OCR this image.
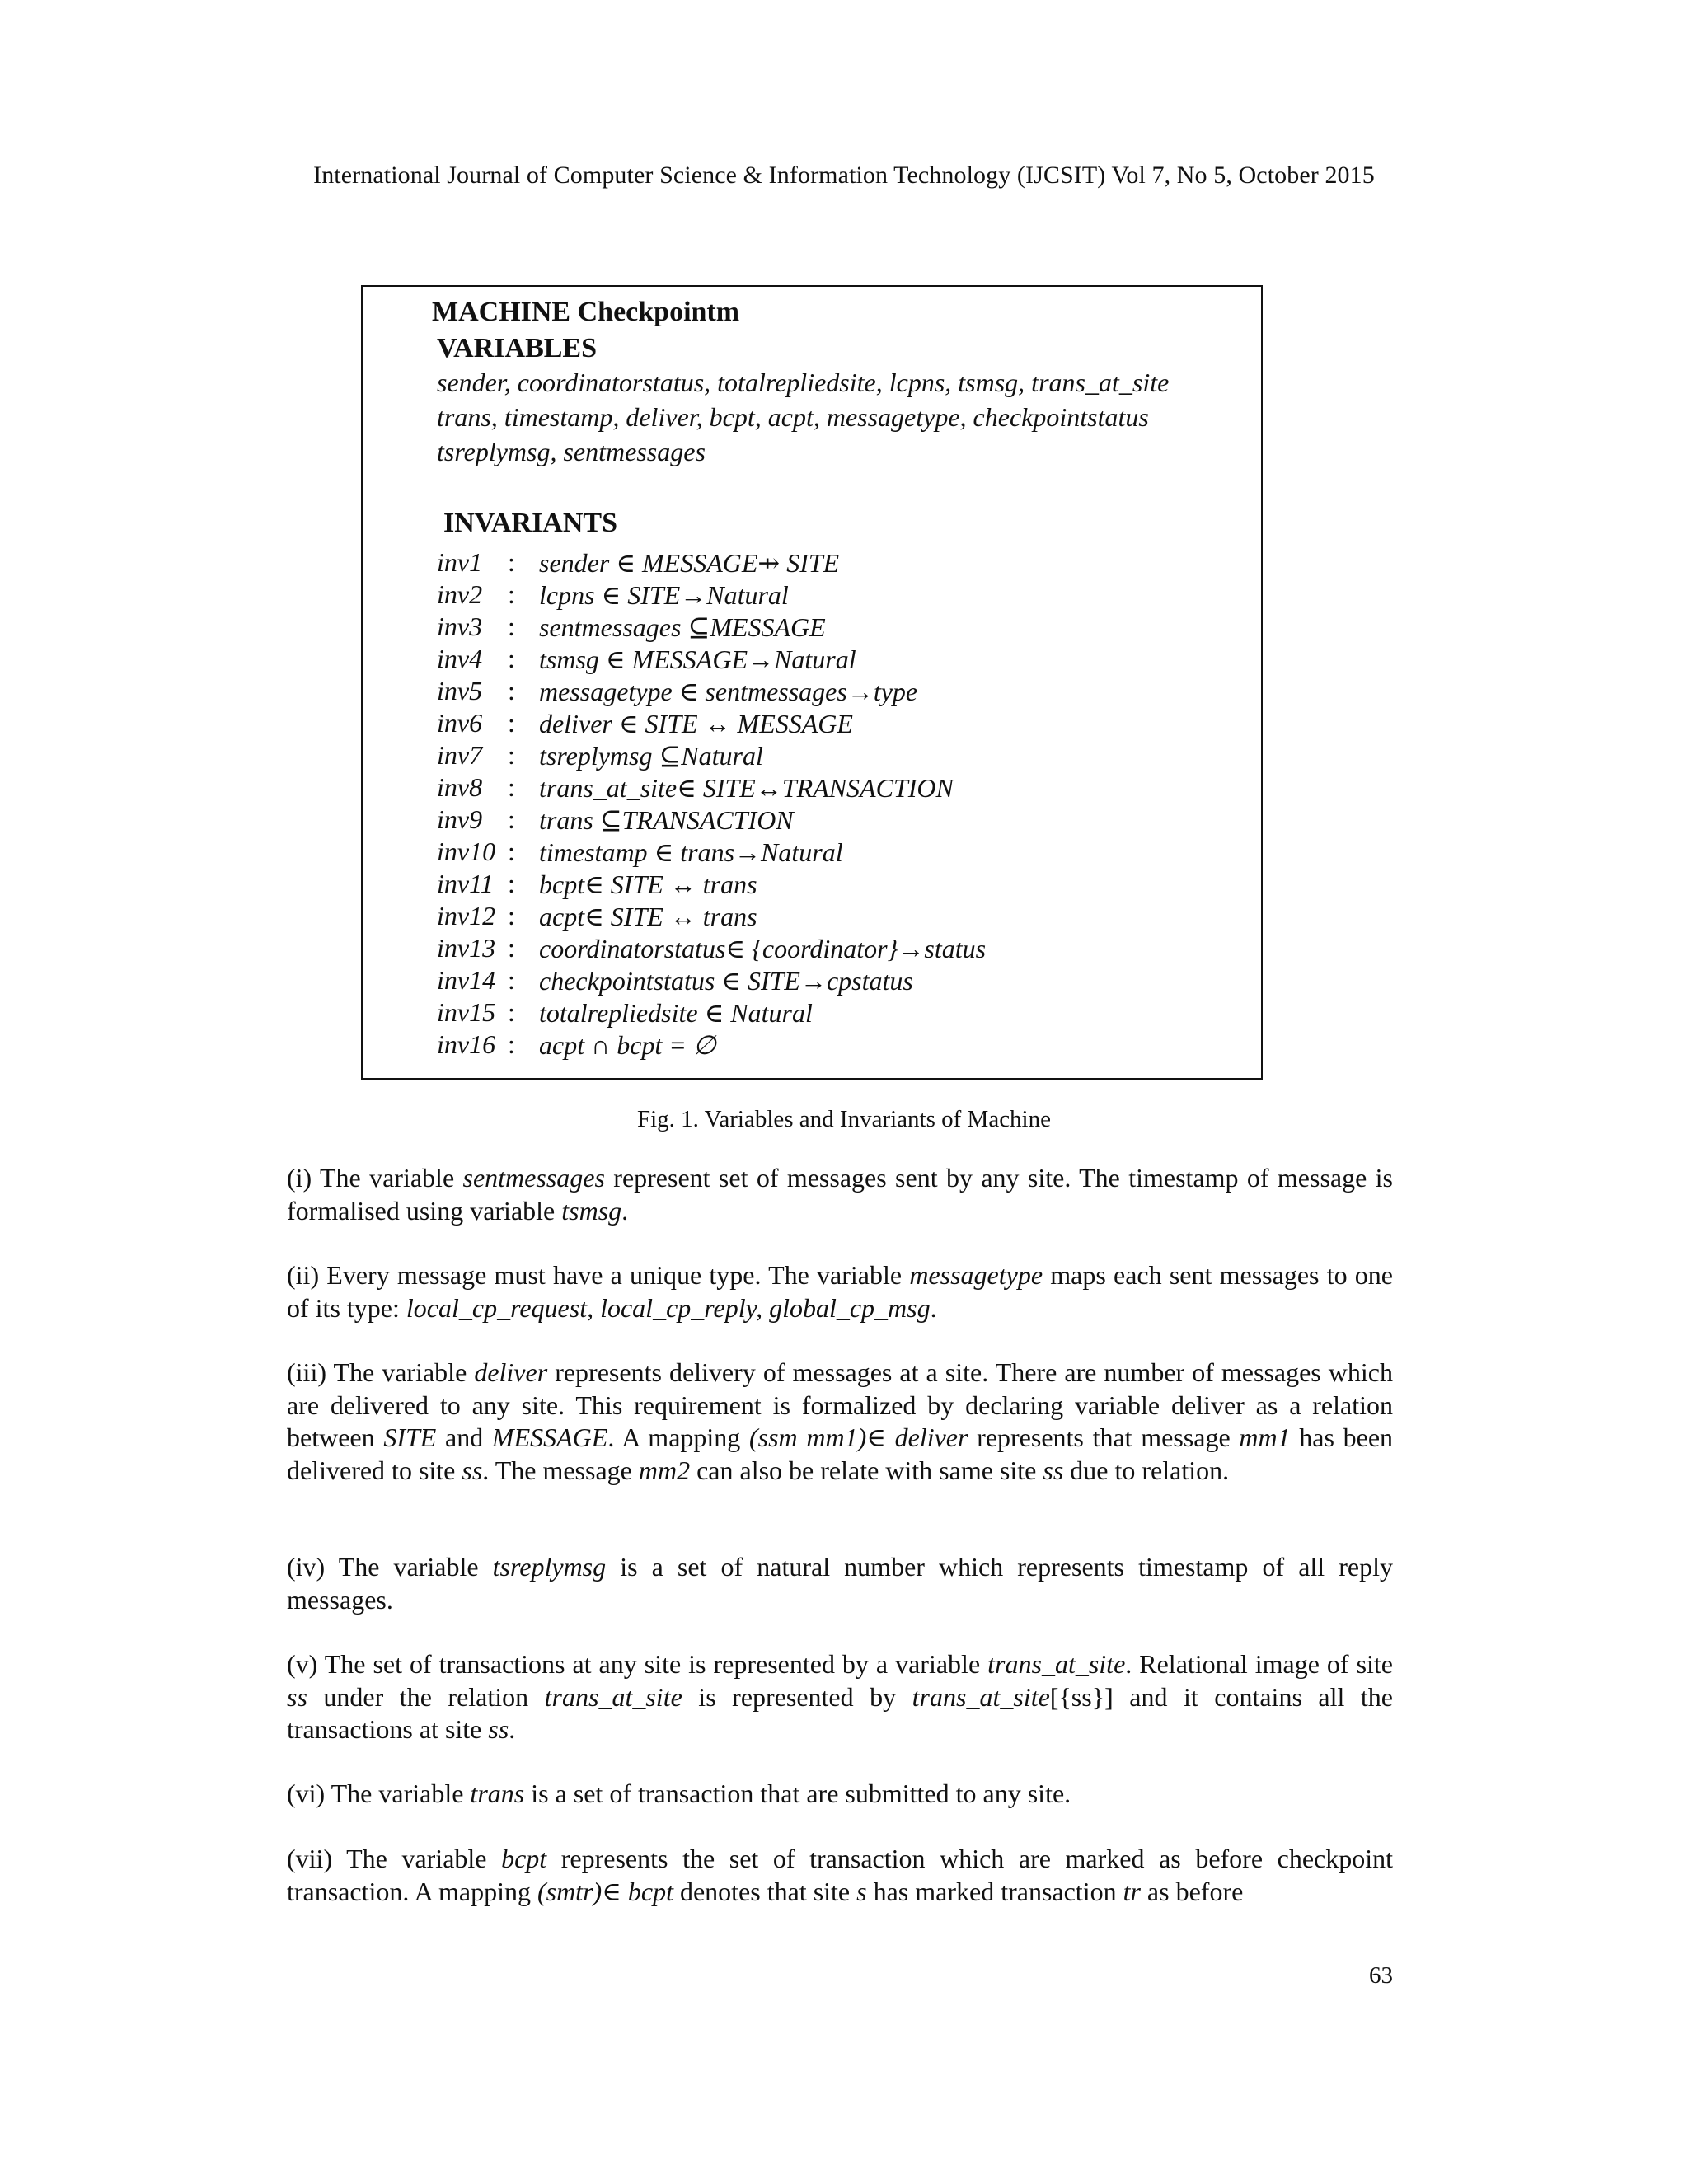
International Journal of Computer Science & Information Technology (IJCSIT) Vol 7, No 5, October 2015
MACHINE Checkpointm
VARIABLES
sender, coordinatorstatus, totalrepliedsite, lcpns, tsmsg, trans_at_site
trans, timestamp, deliver, bcpt, acpt, messagetype, checkpointstatus
tsreplymsg, sentmessages
INVARIANTS
inv1 : sender ∈ MESSAGE⇸ SITE
inv2 : lcpns ∈ SITE→Natural
inv3 : sentmessages ⊆MESSAGE
inv4 : tsmsg ∈ MESSAGE→Natural
inv5 : messagetype ∈ sentmessages→type
inv6 : deliver ∈ SITE ↔ MESSAGE
inv7 : tsreplymsg ⊆Natural
inv8 : trans_at_site∈ SITE↔TRANSACTION
inv9 : trans ⊆TRANSACTION
inv10 : timestamp ∈ trans→Natural
inv11 : bcpt∈ SITE ↔ trans
inv12 : acpt∈ SITE ↔ trans
inv13 : coordinatorstatus∈ {coordinator}→status
inv14 : checkpointstatus ∈ SITE→cpstatus
inv15 : totalrepliedsite ∈ Natural
inv16 : acpt ∩ bcpt = ∅
Fig. 1. Variables and Invariants of Machine
(i) The variable sentmessages represent set of messages sent by any site. The timestamp of message is formalised using variable tsmsg.
(ii) Every message must have a unique type. The variable messagetype maps each sent messages to one of its type: local_cp_request, local_cp_reply, global_cp_msg.
(iii) The variable deliver represents delivery of messages at a site. There are number of messages which are delivered to any site. This requirement is formalized by declaring variable deliver as a relation between SITE and MESSAGE. A mapping (ssm mm1)∈ deliver represents that message mm1 has been delivered to site ss. The message mm2 can also be relate with same site ss due to relation.
(iv) The variable tsreplymsg is a set of natural number which represents timestamp of all reply messages.
(v) The set of transactions at any site is represented by a variable trans_at_site. Relational image of site ss under the relation trans_at_site is represented by trans_at_site[{ss}] and it contains all the transactions at site ss.
(vi) The variable trans is a set of transaction that are submitted to any site.
(vii) The variable bcpt represents the set of transaction which are marked as before checkpoint transaction. A mapping (smtr)∈ bcpt denotes that site s has marked transaction tr as before
63
